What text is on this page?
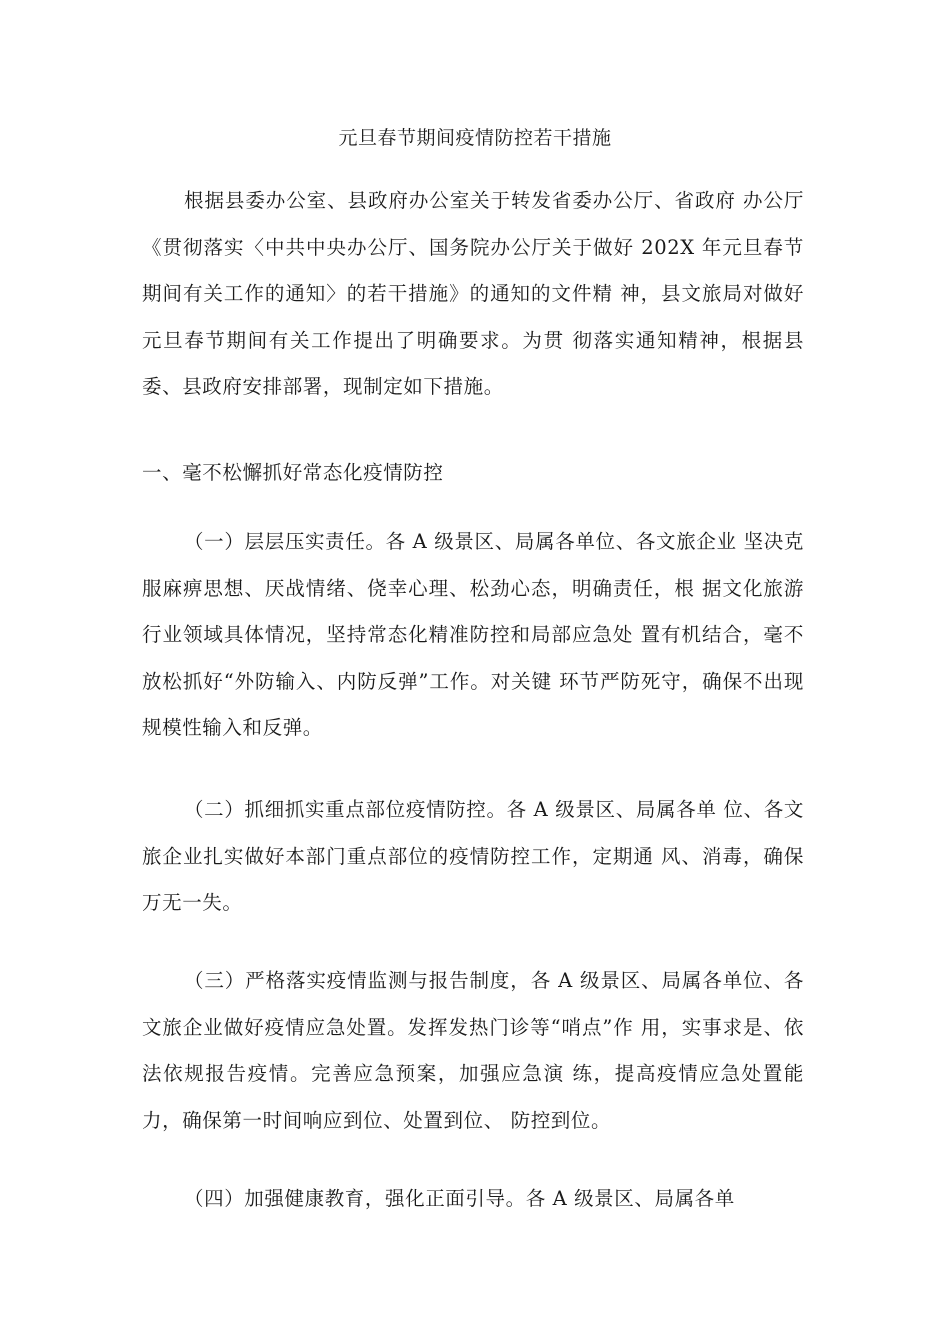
元旦春节期间疫情防控若干措施

根据县委办公室、县政府办公室关于转发省委办公厅、省政府 办公厅《贯彻落实〈中共中央办公厅、国务院办公厅关于做好 202X 年元旦春节期间有关工作的通知〉的若干措施》的通知的文件精 神，县文旅局对做好元旦春节期间有关工作提出了明确要求。为贯 彻落实通知精神，根据县委、县政府安排部署，现制定如下措施。

一、毫不松懈抓好常态化疫情防控

（一）层层压实责任。各 A 级景区、局属各单位、各文旅企业 坚决克服麻痹思想、厌战情绪、侥幸心理、松劲心态，明确责任，根 据文化旅游行业领域具体情况，坚持常态化精准防控和局部应急处 置有机结合，毫不放松抓好“外防输入、内防反弹”工作。对关键 环节严防死守，确保不出现规模性输入和反弹。

（二）抓细抓实重点部位疫情防控。各 A 级景区、局属各单 位、各文旅企业扎实做好本部门重点部位的疫情防控工作，定期通 风、消毒，确保万无一失。

（三）严格落实疫情监测与报告制度，各 A 级景区、局属各单位、各文旅企业做好疫情应急处置。发挥发热门诊等“哨点”作 用，实事求是、依法依规报告疫情。完善应急预案，加强应急演 练，提高疫情应急处置能力，确保第一时间响应到位、处置到位、 防控到位。

（四）加强健康教育，强化正面引导。各 A 级景区、局属各单
